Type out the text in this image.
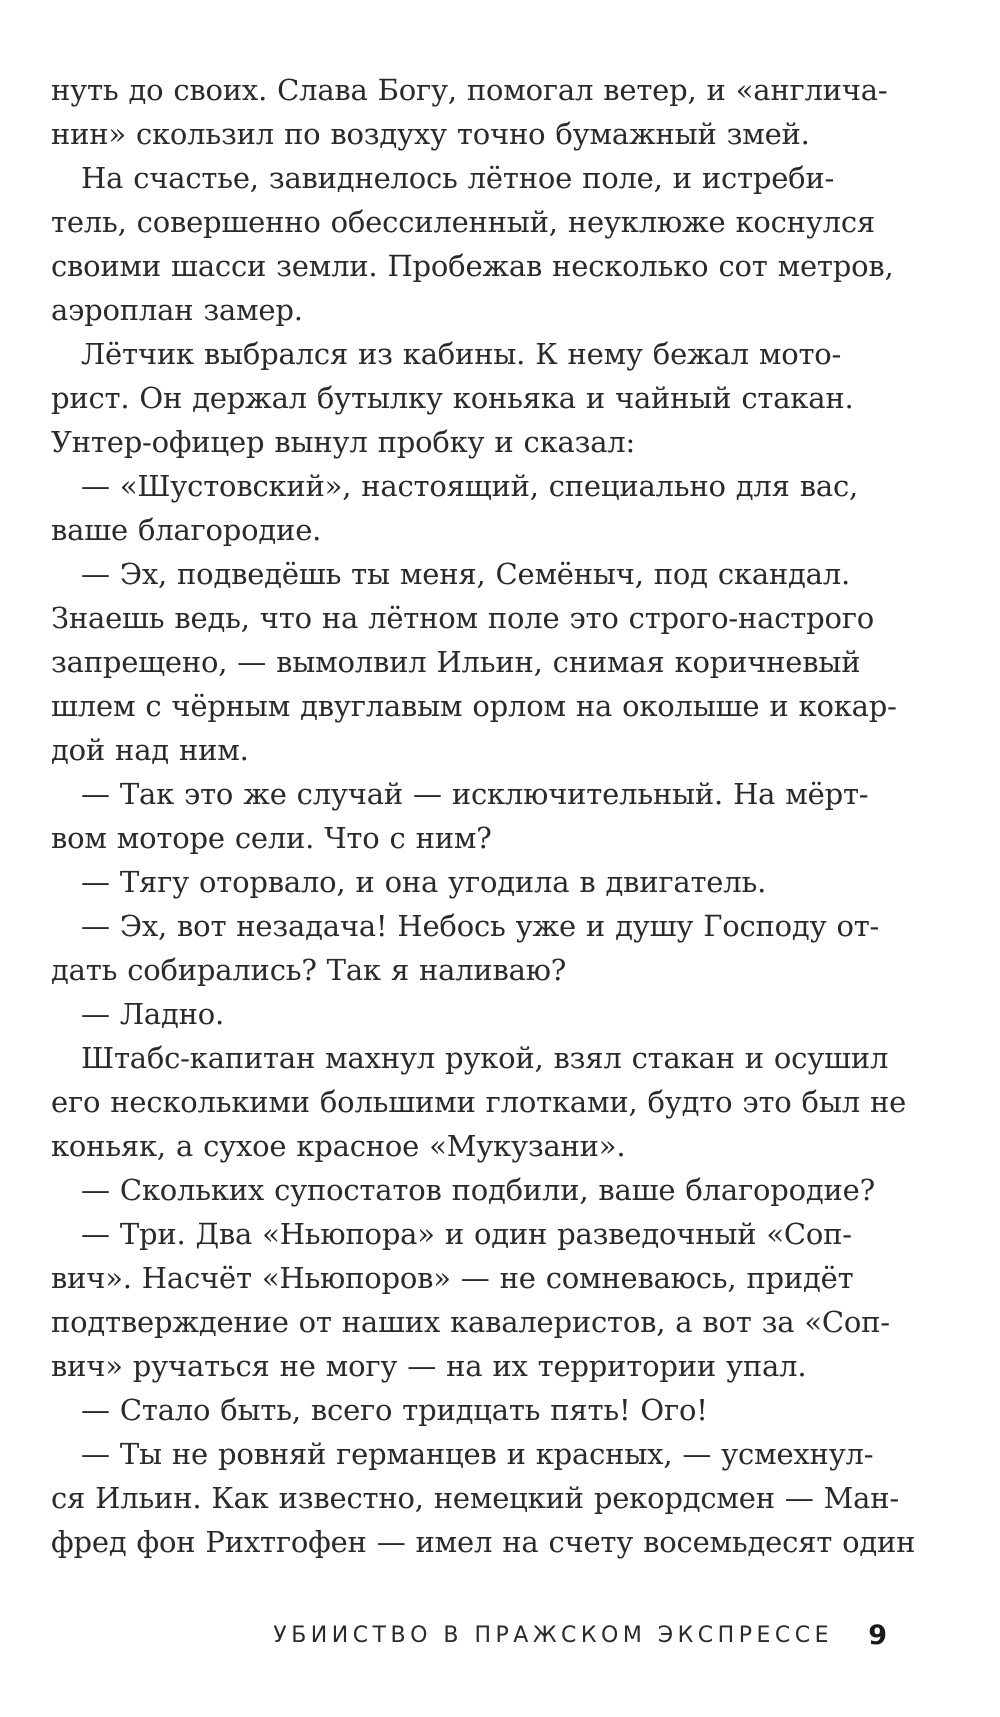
нуть до своих. Слава Богу, помогал ветер, и «англича-
нин» скользил по воздуху точно бумажный змей.
На счастье, завиднелось лётное поле, и истреби-
тель, совершенно обессиленный, неуклюже коснулся
своими шасси земли. Пробежав несколько сот метров,
аэроплан замер.
Лётчик выбрался из кабины. К нему бежал мото-
рист. Он держал бутылку коньяка и чайный стакан.
Унтер-офицер вынул пробку и сказал:
— «Шустовский», настоящий, специально для вас,
ваше благородие.
— Эх, подведёшь ты меня, Семёныч, под скандал.
Знаешь ведь, что на лётном поле это строго-настрого
запрещено, — вымолвил Ильин, снимая коричневый
шлем с чёрным двуглавым орлом на околыше и кокар-
дой над ним.
— Так это же случай — исключительный. На мёрт-
вом моторе сели. Что с ним?
— Тягу оторвало, и она угодила в двигатель.
— Эх, вот незадача! Небось уже и душу Господу от-
дать собирались? Так я наливаю?
— Ладно.
Штабс-капитан махнул рукой, взял стакан и осушил
его несколькими большими глотками, будто это был не
коньяк, а сухое красное «Мукузани».
— Скольких супостатов подбили, ваше благородие?
— Три. Два «Ньюпора» и один разведочный «Соп-
вич». Насчёт «Ньюпоров» — не сомневаюсь, придёт
подтверждение от наших кавалеристов, а вот за «Соп-
вич» ручаться не могу — на их территории упал.
— Стало быть, всего тридцать пять! Ого!
— Ты не ровняй германцев и красных, — усмехнул-
ся Ильин. Как известно, немецкий рекордсмен — Ман-
фред фон Рихтгофен — имел на счету восемьдесят один
УБИИСТВО В ПРАЖСКОМ ЭКСПРЕССЕ 9
